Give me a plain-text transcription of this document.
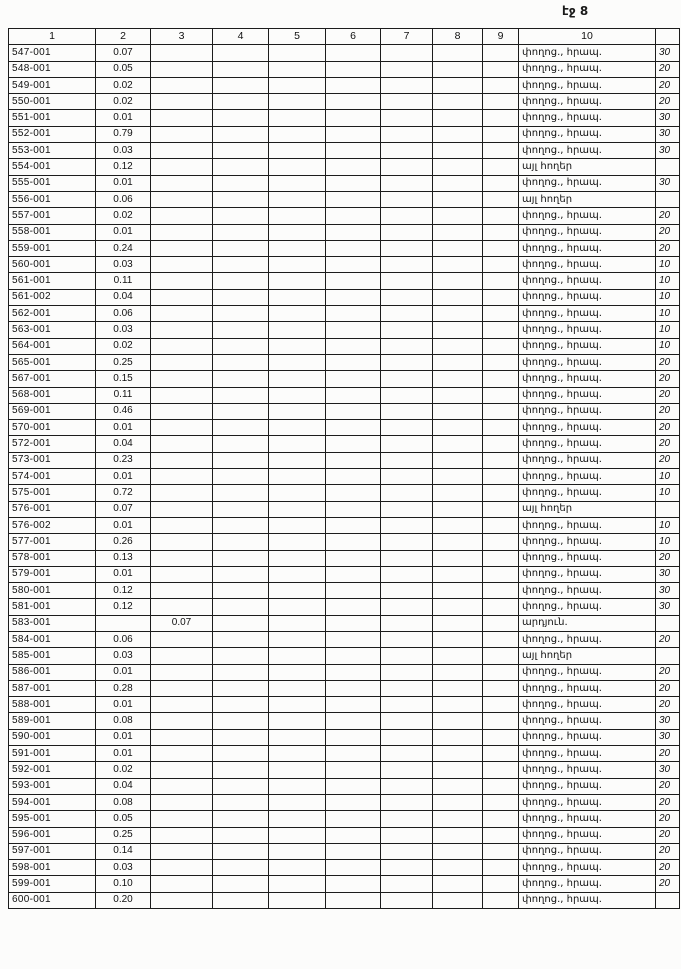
էջ 8
1	2	3	4	5	6	7	8	9	10	
547-001	0.07								փողոց., հրապ.	30
548-001	0.05								փողոց., հրապ.	20
549-001	0.02								փողոց., հրապ.	20
550-001	0.02								փողոց., հրապ.	20
551-001	0.01								փողոց., հրապ.	30
552-001	0.79								փողոց., հրապ.	30
553-001	0.03								փողոց., հրապ.	30
554-001	0.12								այլ հողեր	
555-001	0.01								փողոց., հրապ.	30
556-001	0.06								այլ հողեր	
557-001	0.02								փողոց., հրապ.	20
558-001	0.01								փողոց., հրապ.	20
559-001	0.24								փողոց., հրապ.	20
560-001	0.03								փողոց., հրապ.	10
561-001	0.11								փողոց., հրապ.	10
561-002	0.04								փողոց., հրապ.	10
562-001	0.06								փողոց., հրապ.	10
563-001	0.03								փողոց., հրապ.	10
564-001	0.02								փողոց., հրապ.	10
565-001	0.25								փողոց., հրապ.	20
567-001	0.15								փողոց., հրապ.	20
568-001	0.11								փողոց., հրապ.	20
569-001	0.46								փողոց., հրապ.	20
570-001	0.01								փողոց., հրապ.	20
572-001	0.04								փողոց., հրապ.	20
573-001	0.23								փողոց., հրապ.	20
574-001	0.01								փողոց., հրապ.	10
575-001	0.72								փողոց., հրապ.	10
576-001	0.07								այլ հողեր	
576-002	0.01								փողոց., հրապ.	10
577-001	0.26								փողոց., հրապ.	10
578-001	0.13								փողոց., հրապ.	20
579-001	0.01								փողոց., հրապ.	30
580-001	0.12								փողոց., հրապ.	30
581-001	0.12								փողոց., հրապ.	30
583-001		0.07							արդյուն.	
584-001	0.06								փողոց., հրապ.	20
585-001	0.03								այլ հողեր	
586-001	0.01								փողոց., հրապ.	20
587-001	0.28								փողոց., հրապ.	20
588-001	0.01								փողոց., հրապ.	20
589-001	0.08								փողոց., հրապ.	30
590-001	0.01								փողոց., հրապ.	30
591-001	0.01								փողոց., հրապ.	20
592-001	0.02								փողոց., հրապ.	30
593-001	0.04								փողոց., հրապ.	20
594-001	0.08								փողոց., հրապ.	20
595-001	0.05								փողոց., հրապ.	20
596-001	0.25								փողոց., հրապ.	20
597-001	0.14								փողոց., հրապ.	20
598-001	0.03								փողոց., հրապ.	20
599-001	0.10								փողոց., հրապ.	20
600-001	0.20								փողոց., հրապ.	
